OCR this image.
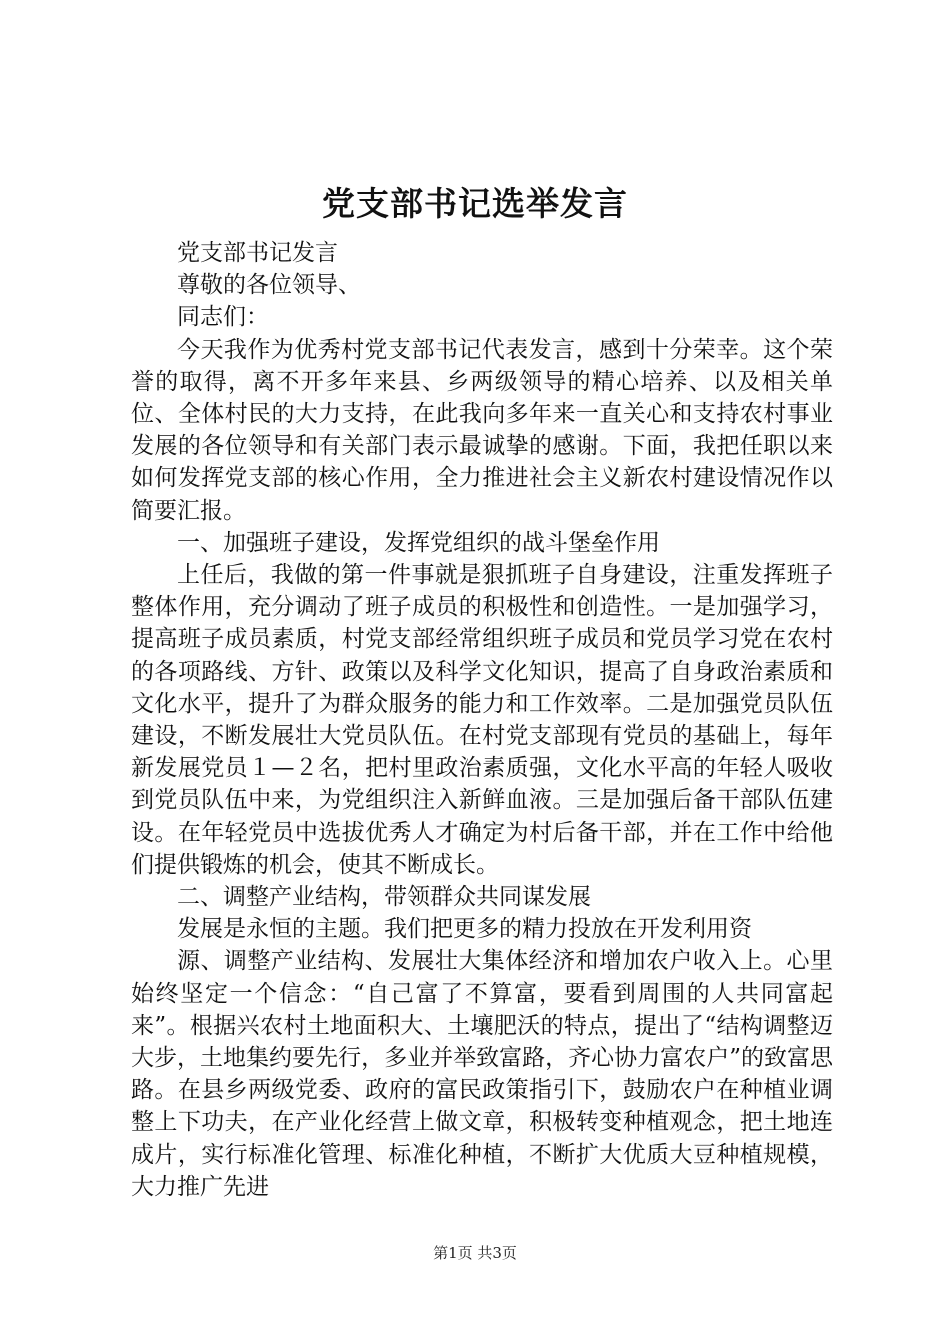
党支部书记选举发言

党支部书记发言

尊敬的各位领导、

同志们：

今天我作为优秀村党支部书记代表发言，感到十分荣幸。这个荣誉的取得，离不开多年来县、乡两级领导的精心培养、以及相关单位、全体村民的大力支持，在此我向多年来一直关心和支持农村事业发展的各位领导和有关部门表示最诚挚的感谢。下面，我把任职以来如何发挥党支部的核心作用，全力推进社会主义新农村建设情况作以简要汇报。

一、加强班子建设，发挥党组织的战斗堡垒作用

上任后，我做的第一件事就是狠抓班子自身建设，注重发挥班子整体作用，充分调动了班子成员的积极性和创造性。一是加强学习，提高班子成员素质，村党支部经常组织班子成员和党员学习党在农村的各项路线、方针、政策以及科学文化知识，提高了自身政治素质和文化水平，提升了为群众服务的能力和工作效率。二是加强党员队伍建设，不断发展壮大党员队伍。在村党支部现有党员的基础上，每年新发展党员１—２名，把村里政治素质强，文化水平高的年轻人吸收到党员队伍中来，为党组织注入新鲜血液。三是加强后备干部队伍建设。在年轻党员中选拔优秀人才确定为村后备干部，并在工作中给他们提供锻炼的机会，使其不断成长。

二、调整产业结构，带领群众共同谋发展

发展是永恒的主题。我们把更多的精力投放在开发利用资

源、调整产业结构、发展壮大集体经济和增加农户收入上。心里始终坚定一个信念：“自己富了不算富，要看到周围的人共同富起来”。根据兴农村土地面积大、土壤肥沃的特点，提出了“结构调整迈大步，土地集约要先行，多业并举致富路，齐心协力富农户”的致富思路。在县乡两级党委、政府的富民政策指引下，鼓励农户在种植业调整上下功夫，在产业化经营上做文章，积极转变种植观念，把土地连成片，实行标准化管理、标准化种植，不断扩大优质大豆种植规模，大力推广先进

第1页 共3页
